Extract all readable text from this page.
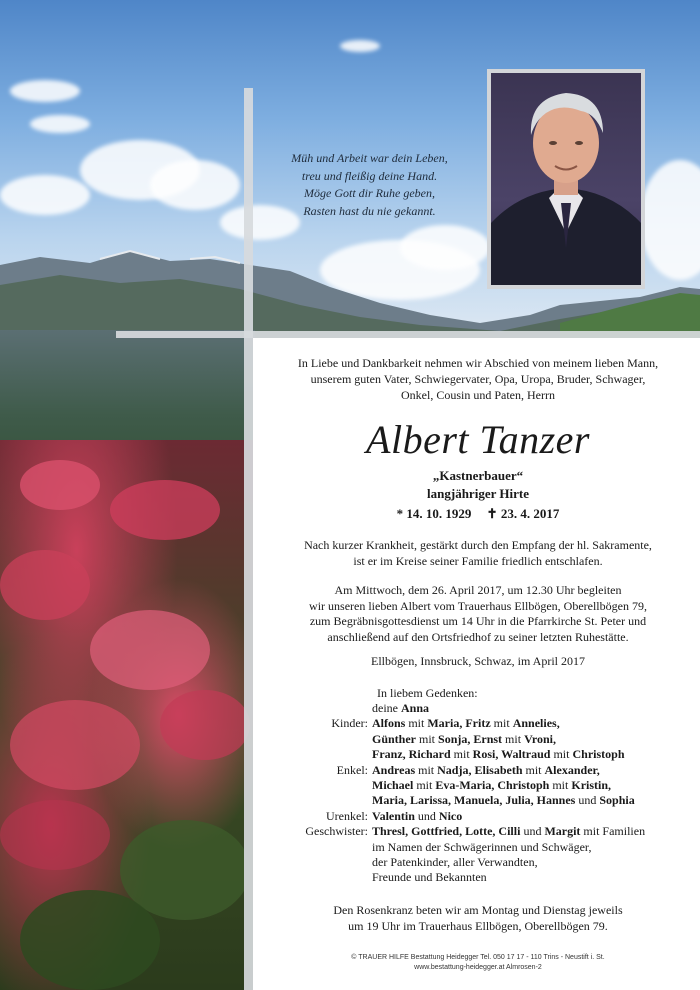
Müh und Arbeit war dein Leben,
treu und fleißig deine Hand.
Möge Gott dir Ruhe geben,
Rasten hast du nie gekannt.
In Liebe und Dankbarkeit nehmen wir Abschied von meinem lieben Mann,
unserem guten Vater, Schwiegervater, Opa, Uropa, Bruder, Schwager,
Onkel, Cousin und Paten, Herrn
Albert Tanzer
„Kastnerbauer“
langjähriger Hirte
* 14. 10. 1929 ✝ 23. 4. 2017
Nach kurzer Krankheit, gestärkt durch den Empfang der hl. Sakramente,
ist er im Kreise seiner Familie friedlich entschlafen.
Am Mittwoch, dem 26. April 2017, um 12.30 Uhr begleiten
wir unseren lieben Albert vom Trauerhaus Ellbögen, Oberellbögen 79,
zum Begräbnisgottesdienst um 14 Uhr in die Pfarrkirche St. Peter und
anschließend auf den Ortsfriedhof zu seiner letzten Ruhestätte.
Ellbögen, Innsbruck, Schwaz, im April 2017
In liebem Gedenken:
deine Anna
Kinder: Alfons mit Maria, Fritz mit Annelies,
Günther mit Sonja, Ernst mit Vroni,
Franz, Richard mit Rosi, Waltraud mit Christoph
Enkel: Andreas mit Nadja, Elisabeth mit Alexander,
Michael mit Eva-Maria, Christoph mit Kristin,
Maria, Larissa, Manuela, Julia, Hannes und Sophia
Urenkel: Valentin und Nico
Geschwister: Thresl, Gottfried, Lotte, Cilli und Margit mit Familien
im Namen der Schwägerinnen und Schwäger,
der Patenkinder, aller Verwandten,
Freunde und Bekannten
Den Rosenkranz beten wir am Montag und Dienstag jeweils
um 19 Uhr im Trauerhaus Ellbögen, Oberellbögen 79.
© TRAUER HILFE Bestattung Heidegger Tel. 050 17 17 - 110 Trins - Neustift i. St.
www.bestattung-heidegger.at Almrosen-2
